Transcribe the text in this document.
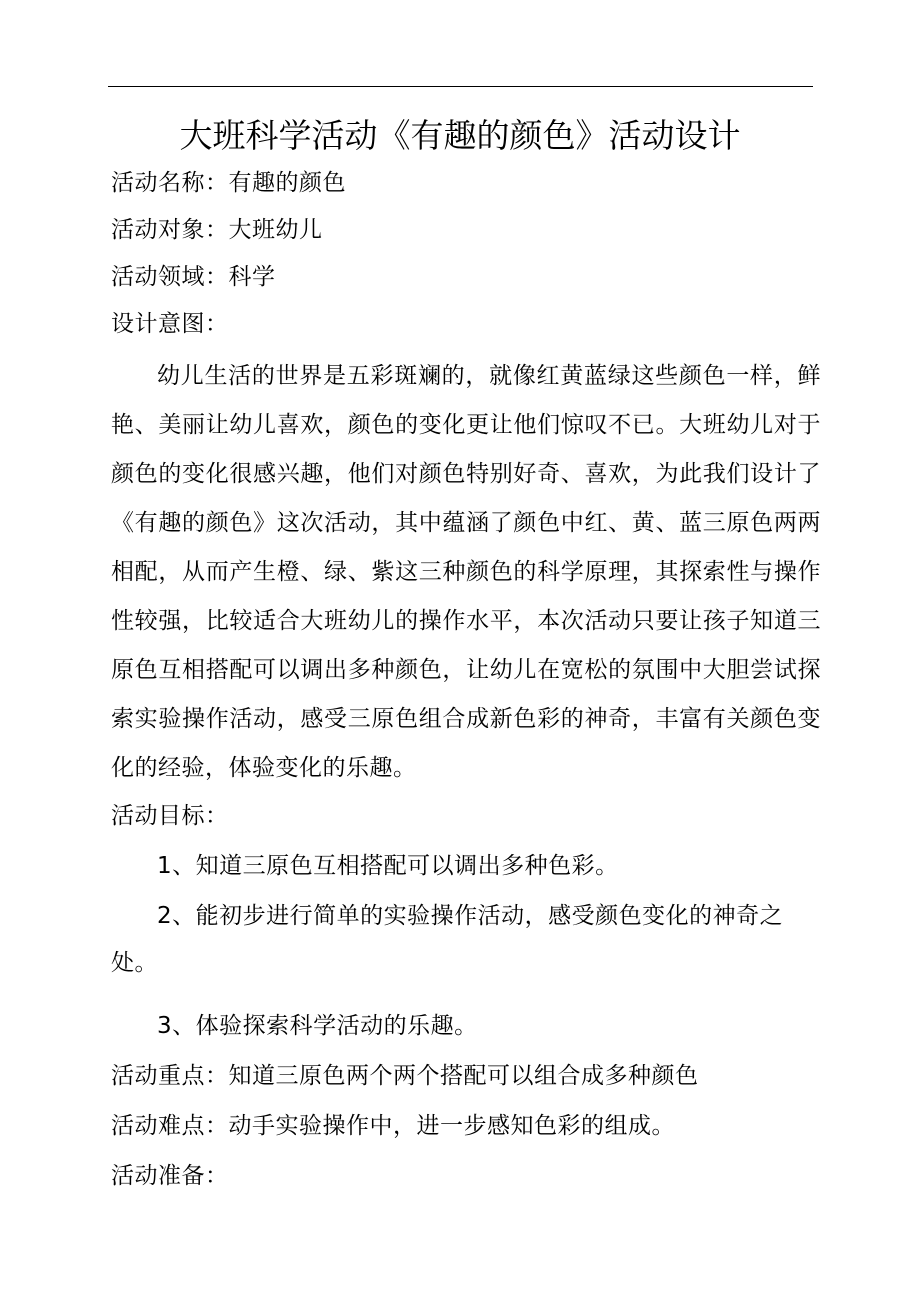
大班科学活动《有趣的颜色》活动设计

活动名称：有趣的颜色

活动对象：大班幼儿

活动领域：科学

设计意图：

幼儿生活的世界是五彩斑斓的，就像红黄蓝绿这些颜色一样，鲜艳、美丽让幼儿喜欢，颜色的变化更让他们惊叹不已。大班幼儿对于颜色的变化很感兴趣，他们对颜色特别好奇、喜欢，为此我们设计了《有趣的颜色》这次活动，其中蕴涵了颜色中红、黄、蓝三原色两两相配，从而产生橙、绿、紫这三种颜色的科学原理，其探索性与操作性较强，比较适合大班幼儿的操作水平，本次活动只要让孩子知道三原色互相搭配可以调出多种颜色，让幼儿在宽松的氛围中大胆尝试探索实验操作活动，感受三原色组合成新色彩的神奇，丰富有关颜色变化的经验，体验变化的乐趣。

活动目标：

1、知道三原色互相搭配可以调出多种色彩。

2、能初步进行简单的实验操作活动，感受颜色变化的神奇之处。

3、体验探索科学活动的乐趣。

活动重点：知道三原色两个两个搭配可以组合成多种颜色

活动难点：动手实验操作中，进一步感知色彩的组成。

活动准备：
